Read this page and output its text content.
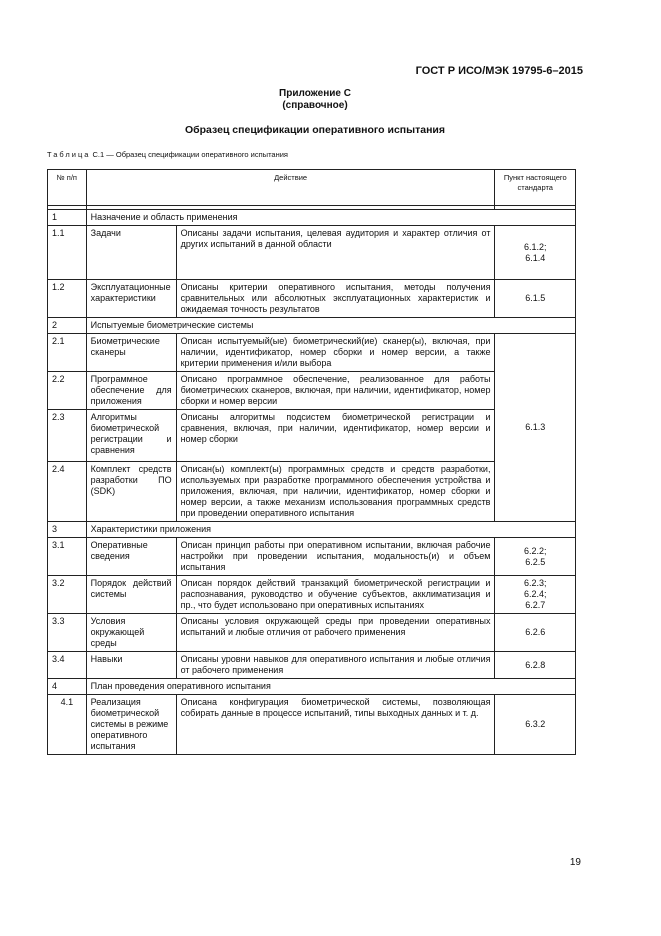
ГОСТ Р ИСО/МЭК 19795-6–2015
Приложение С
(справочное)
Образец спецификации оперативного испытания
Таблица С.1 — Образец спецификации оперативного испытания
№ п/п	Действие		Пункт настоящего стандарта

1	Назначение и область применения		
1.1	Задачи	Описаны задачи испытания, целевая аудитория и характер отличия от других испытаний в данной области	6.1.2;
6.1.4

1.2	Эксплуатационные характеристики	Описаны критерии оперативного испытания, методы получения сравнительных или абсолютных эксплуатационных характеристик и ожидаемая точность результатов	6.1.5
2	Испытуемые биометрические системы		
2.1	Биометрические сканеры	Описан испытуемый(ые) биометрический(ие) сканер(ы), включая, при наличии, идентификатор, номер сборки и номер версии, а также критерии применения и/или выбора	6.1.3
2.2	Программное обеспечение для приложения	Описано программное обеспечение, реализованное для работы биометрических сканеров, включая, при наличии, идентификатор, номер сборки и номер версии	
2.3	Алгоритмы биометрической регистрации и сравнения	Описаны алгоритмы подсистем биометрической регистрации и сравнения, включая, при наличии, идентификатор, номер версии и номер сборки	
2.4	Комплект средств разработки ПО (SDK)	Описан(ы) комплект(ы) программных средств и средств разработки, используемых при разработке программного обеспечения устройства и приложения, включая, при наличии, идентификатор, номер сборки и номер версии, а также механизм использования программных средств при проведении оперативного испытания	
3	Характеристики приложения		
3.1	Оперативные сведения	Описан принцип работы при оперативном испытании, включая рабочие настройки при проведении испытания, модальность(и) и объем испытания	6.2.2;
6.2.5

3.2	Порядок действий системы	Описан порядок действий транзакций биометрической регистрации и распознавания, руководство и обучение субъектов, акклиматизация и пр., что будет использовано при оперативных испытаниях	6.2.3;
6.2.4;
6.2.7

3.3	Условия окружающей среды	Описаны условия окружающей среды при проведении оперативных испытаний и любые отличия от рабочего применения	6.2.6
3.4	Навыки	Описаны уровни навыков для оперативного испытания и любые отличия от рабочего применения	6.2.8
4	План проведения оперативного испытания		
4.1	Реализация биометрической системы в режиме оперативного испытания	Описана конфигурация биометрической системы, позволяющая собирать данные в процессе испытаний, типы выходных данных и т. д.	6.3.2
19
